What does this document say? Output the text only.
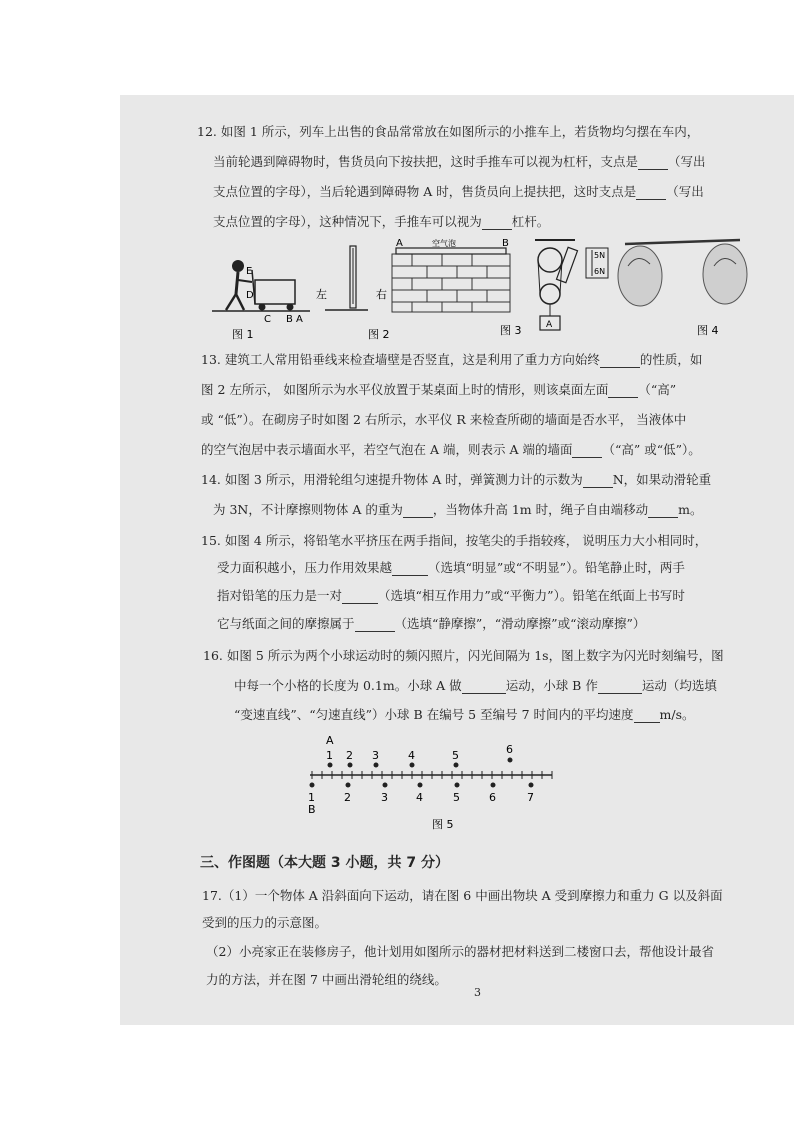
12. 如图 1 所示，列车上出售的食品常常放在如图所示的小推车上，若货物均匀摆在车内，
当前轮遇到障碍物时，售货员向下按扶把，这时手推车可以视为杠杆，支点是 （写出
支点位置的字母），当后轮遇到障碍物 A 时，售货员向上提扶把，这时支点是 （写出
支点位置的字母），这种情况下，手推车可以视为 杠杆。
E
D
C B A
左	右
A	空气泡	B
A
5N
6N
图 1	图 2	图 3	图 4
13. 建筑工人常用铅垂线来检查墙壁是否竖直，这是利用了重力方向始终	的性质，如
图 2 左所示， 如图所示为水平仪放置于某桌面上时的情形，则该桌面左面 （“高”
或 “低”）。在砌房子时如图 2 右所示，水平仪 R 来检查所砌的墙面是否水平， 当液体中
的空气泡居中表示墙面水平，若空气泡在 A 端，则表示 A 端的墙面 （“高” 或“低”）。
14. 如图 3 所示，用滑轮组匀速提升物体 A 时，弹簧测力计的示数为 N，如果动滑轮重
为 3N，不计摩擦则物体 A 的重为 ，当物体升高 1m 时，绳子自由端移动 m。
15. 如图 4 所示，将铅笔水平挤压在两手指间，按笔尖的手指较疼， 说明压力大小相同时，
受力面积越小，压力作用效果越	（选填“明显”或“不明显”）。铅笔静止时，两手
指对铅笔的压力是一对	（选填“相互作用力”或“平衡力”）。铅笔在纸面上书写时
它与纸面之间的摩擦属于	（选填“静摩擦”，“滑动摩擦”或“滚动摩擦”）
16. 如图 5 所示为两个小球运动时的频闪照片，闪光间隔为 1s，图上数字为闪光时刻编号，图
中每一个小格的长度为 0.1m。小球 A 做	运动，小球 B 作	运动（均选填
“变速直线”、“匀速直线”）小球 B 在编号 5 至编号 7 时间内的平均速度 m/s。
A
B
1 2 3	4	5	6
1	2	3	4	5	6	7
图 5
三、作图题（本大题 3 小题，共 7 分）
17.（1）一个物体 A 沿斜面向下运动，请在图 6 中画出物块 A 受到摩擦力和重力 G 以及斜面
受到的压力的示意图。
（2）小亮家正在装修房子，他计划用如图所示的器材把材料送到二楼窗口去，帮他设计最省
力的方法，并在图 7 中画出滑轮组的绕线。
3
